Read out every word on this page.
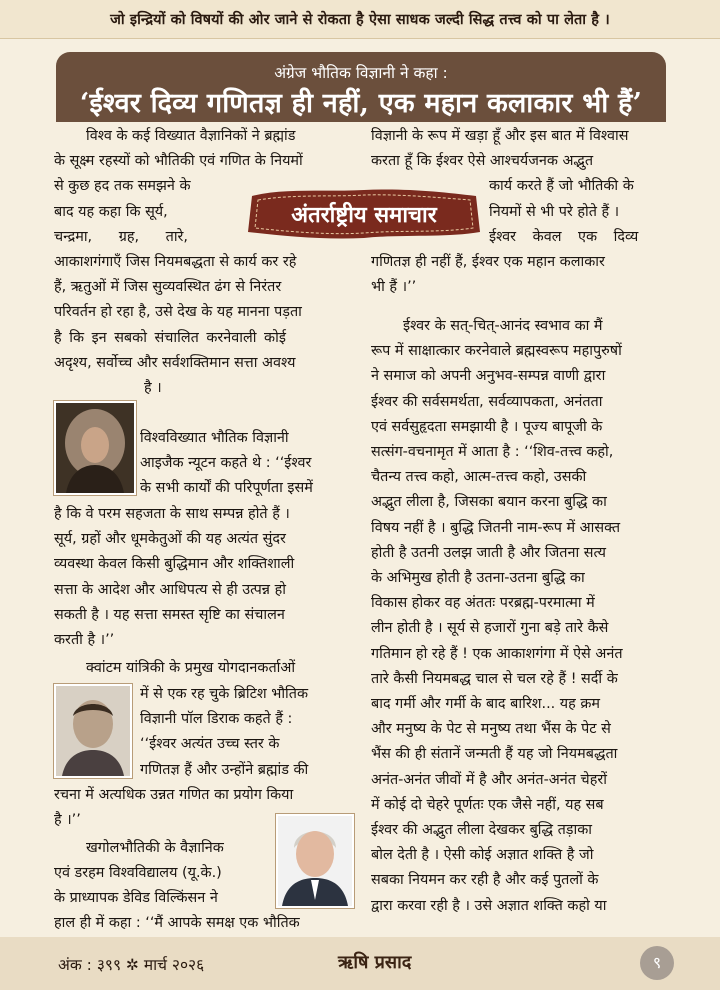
जो इन्द्रियों को विषयों की ओर जाने से रोकता है ऐसा साधक जल्दी सिद्ध तत्त्व को पा लेता है ।
अंग्रेज भौतिक विज्ञानी ने कहा :
‘ईश्वर दिव्य गणितज्ञ ही नहीं, एक महान कलाकार भी हैं’
अंतर्राष्ट्रीय समाचार
विश्व के कई विख्यात वैज्ञानिकों ने ब्रह्मांड
के सूक्ष्म रहस्यों को भौतिकी एवं गणित के नियमों
से कुछ हद तक समझने के
बाद यह कहा कि सूर्य,
चन्द्रमा, ग्रह, तारे,
आकाशगंगाएँ जिस नियमबद्धता से कार्य कर रहे
हैं, ऋतुओं में जिस सुव्यवस्थित ढंग से निरंतर
परिवर्तन हो रहा है, उसे देख के यह मानना पड़ता
है कि इन सबको संचालित करनेवाली कोई
अदृश्य, सर्वोच्च और सर्वशक्तिमान सत्ता अवश्य
है ।
विश्वविख्यात भौतिक विज्ञानी
आइजैक न्यूटन कहते थे : ‘‘ईश्वर
के सभी कार्यों की परिपूर्णता इसमें
है कि वे परम सहजता के साथ सम्पन्न होते हैं ।
सूर्य, ग्रहों और धूमकेतुओं की यह अत्यंत सुंदर
व्यवस्था केवल किसी बुद्धिमान और शक्तिशाली
सत्ता के आदेश और आधिपत्य से ही उत्पन्न हो
सकती है । यह सत्ता समस्त सृष्टि का संचालन
करती है ।’’
क्वांटम यांत्रिकी के प्रमुख योगदानकर्ताओं
में से एक रह चुके ब्रिटिश भौतिक
विज्ञानी पॉल डिराक कहते हैं :
‘‘ईश्वर अत्यंत उच्च स्तर के
गणितज्ञ हैं और उन्होंने ब्रह्मांड की
रचना में अत्यधिक उन्नत गणित का प्रयोग किया
है ।’’
खगोलभौतिकी के वैज्ञानिक
एवं डरहम विश्वविद्यालय (यू.के.)
के प्राध्यापक डेविड विल्किंसन ने
हाल ही में कहा : ‘‘मैं आपके समक्ष एक भौतिक
विज्ञानी के रूप में खड़ा हूँ और इस बात में विश्वास
करता हूँ कि ईश्वर ऐसे आश्चर्यजनक अद्भुत
कार्य करते हैं जो भौतिकी के
नियमों से भी परे होते हैं ।
ईश्वर केवल एक दिव्य
गणितज्ञ ही नहीं हैं, ईश्वर एक महान कलाकार
भी हैं ।’’
ईश्वर के सत्-चित्-आनंद स्वभाव का मैं
रूप में साक्षात्कार करनेवाले ब्रह्मस्वरूप महापुरुषों
ने समाज को अपनी अनुभव-सम्पन्न वाणी द्वारा
ईश्वर की सर्वसमर्थता, सर्वव्यापकता, अनंतता
एवं सर्वसुहृदता समझायी है । पूज्य बापूजी के
सत्संग-वचनामृत में आता है : ‘‘शिव-तत्त्व कहो,
चैतन्य तत्त्व कहो, आत्म-तत्त्व कहो, उसकी
अद्भुत लीला है, जिसका बयान करना बुद्धि का
विषय नहीं है । बुद्धि जितनी नाम-रूप में आसक्त
होती है उतनी उलझ जाती है और जितना सत्य
के अभिमुख होती है उतना-उतना बुद्धि का
विकास होकर वह अंततः परब्रह्म-परमात्मा में
लीन होती है । सूर्य से हजारों गुना बड़े तारे कैसे
गतिमान हो रहे हैं ! एक आकाशगंगा में ऐसे अनंत
तारे कैसी नियमबद्ध चाल से चल रहे हैं ! सर्दी के
बाद गर्मी और गर्मी के बाद बारिश... यह क्रम
और मनुष्य के पेट से मनुष्य तथा भैंस के पेट से
भैंस की ही संतानें जन्मती हैं यह जो नियमबद्धता
अनंत-अनंत जीवों में है और अनंत-अनंत चेहरों
में कोई दो चेहरे पूर्णतः एक जैसे नहीं, यह सब
ईश्वर की अद्भुत लीला देखकर बुद्धि तड़ाका
बोल देती है । ऐसी कोई अज्ञात शक्ति है जो
सबका नियमन कर रही है और कई पुतलों के
द्वारा करवा रही है । उसे अज्ञात शक्ति कहो या
अंक : ३९९ ✲ मार्च २०२६	ऋषि प्रसाद	९
